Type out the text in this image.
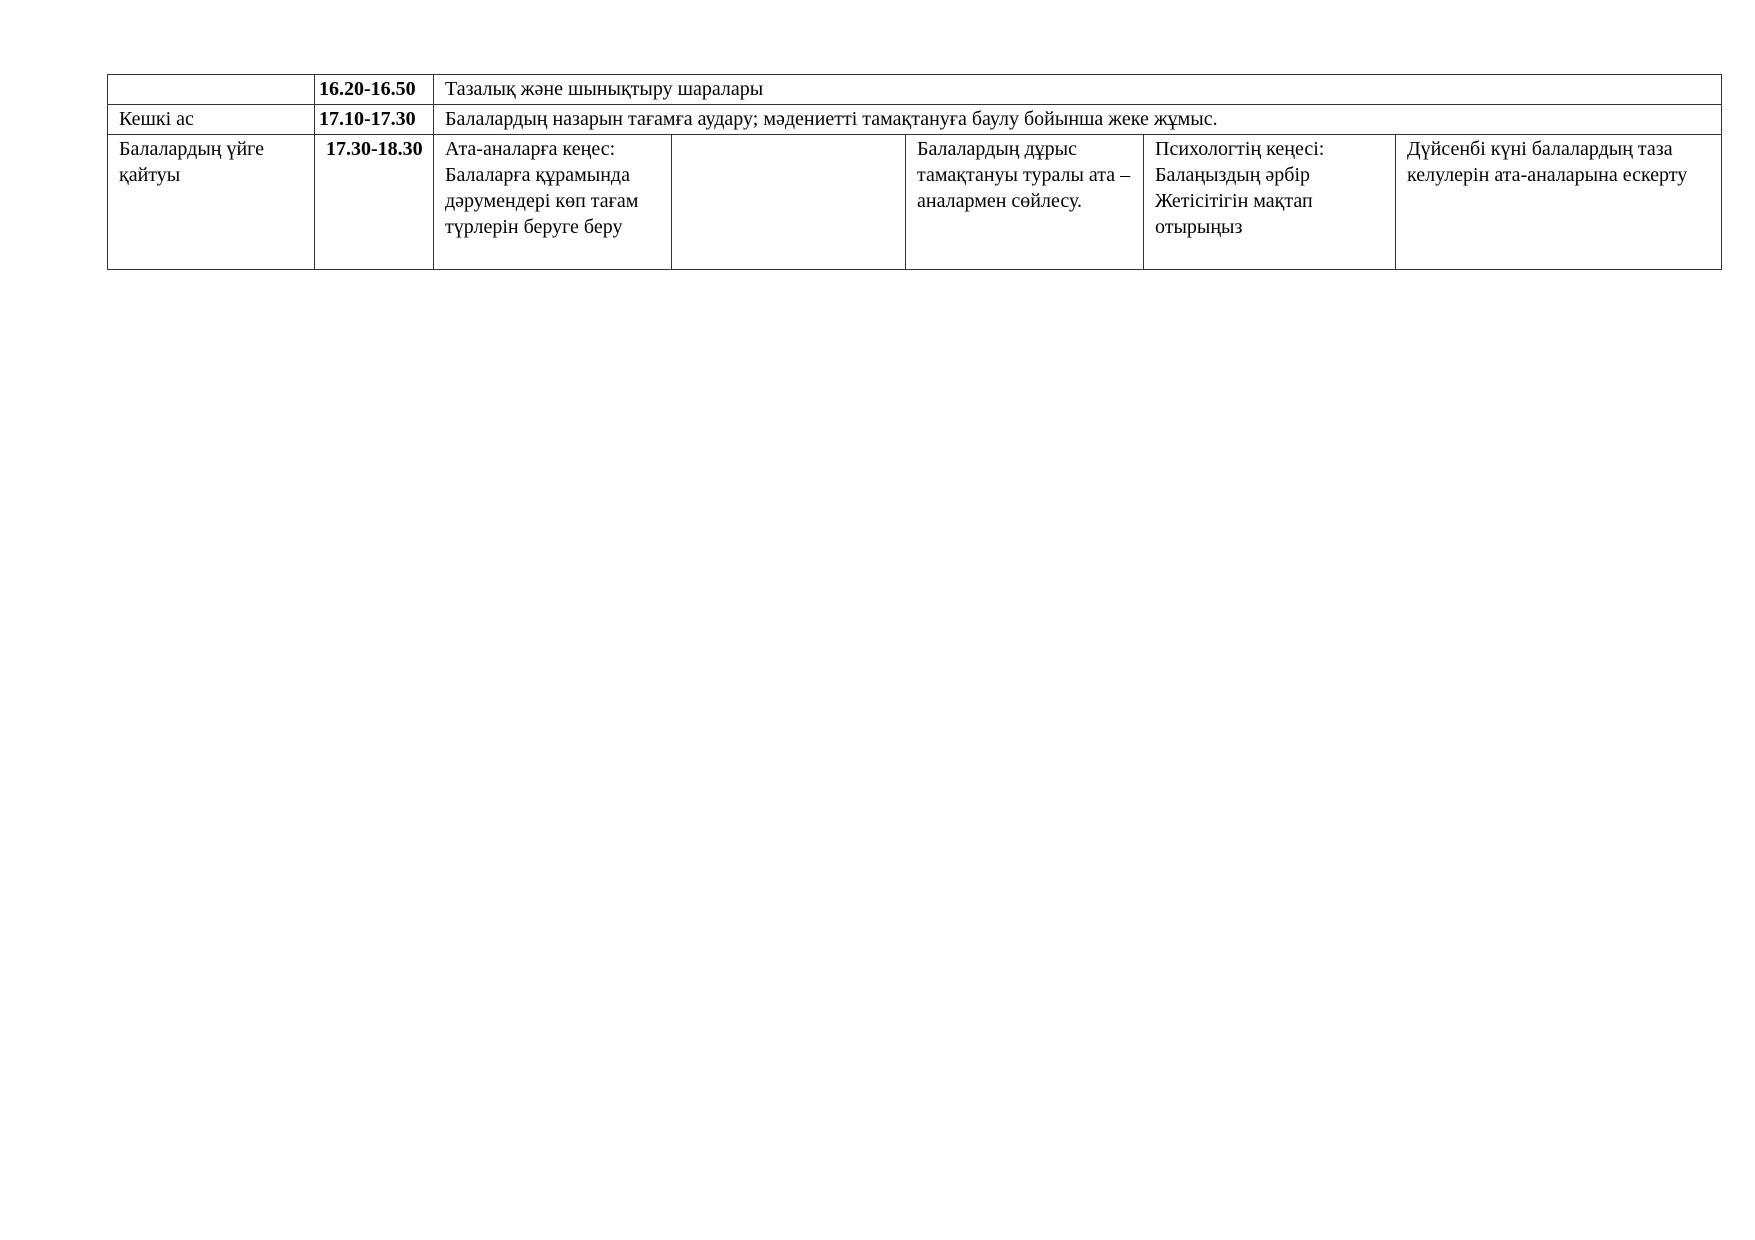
	16.20-16.50	Тазалық және шынықтыру шаралары				
Кешкі ас	17.10-17.30	Балалардың назарын тағамға аудару; мәдениетті тамақтануға баулу бойынша жеке жұмыс.				
Балалардың үйге қайтуы	17.30-18.30	Ата-аналарға кеңес: Балаларға құрамында дәрумендері көп тағам түрлерін беруге беру		Балалардың дұрыс тамақтануы туралы ата –аналармен сөйлесу.	Психологтің кеңесі: Балаңыздың әрбір Жетісітігін мақтап отырыңыз	Дүйсенбі күні балалардың таза келулерін ата-аналарына ескерту
